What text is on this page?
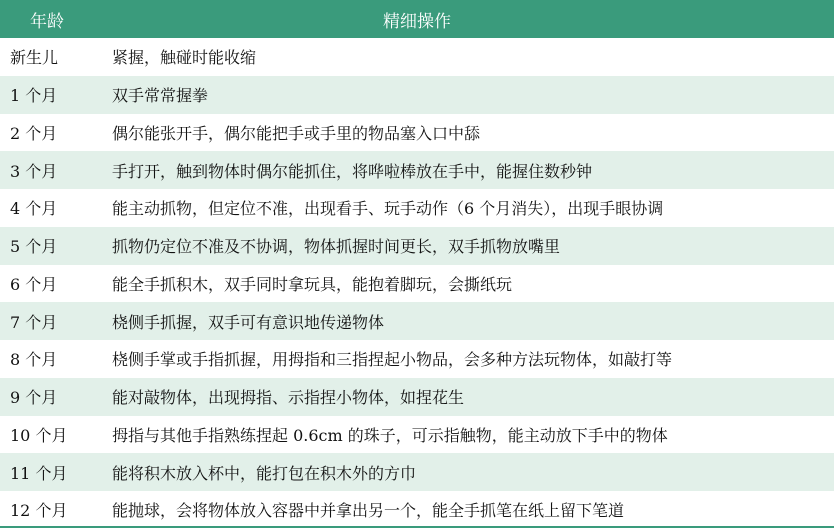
年龄	精细操作
新生儿	紧握，触碰时能收缩
1 个月	双手常常握拳
2 个月	偶尔能张开手，偶尔能把手或手里的物品塞入口中舔
3 个月	手打开，触到物体时偶尔能抓住，将哗啦棒放在手中，能握住数秒钟
4 个月	能主动抓物，但定位不准，出现看手、玩手动作（6 个月消失），出现手眼协调
5 个月	抓物仍定位不准及不协调，物体抓握时间更长，双手抓物放嘴里
6 个月	能全手抓积木，双手同时拿玩具，能抱着脚玩，会撕纸玩
7 个月	桡侧手抓握，双手可有意识地传递物体
8 个月	桡侧手掌或手指抓握，用拇指和三指捏起小物品，会多种方法玩物体，如敲打等
9 个月	能对敲物体，出现拇指、示指捏小物体，如捏花生
10 个月	拇指与其他手指熟练捏起 0.6cm 的珠子，可示指触物，能主动放下手中的物体
11 个月	能将积木放入杯中，能打包在积木外的方巾
12 个月	能抛球，会将物体放入容器中并拿出另一个，能全手抓笔在纸上留下笔道
